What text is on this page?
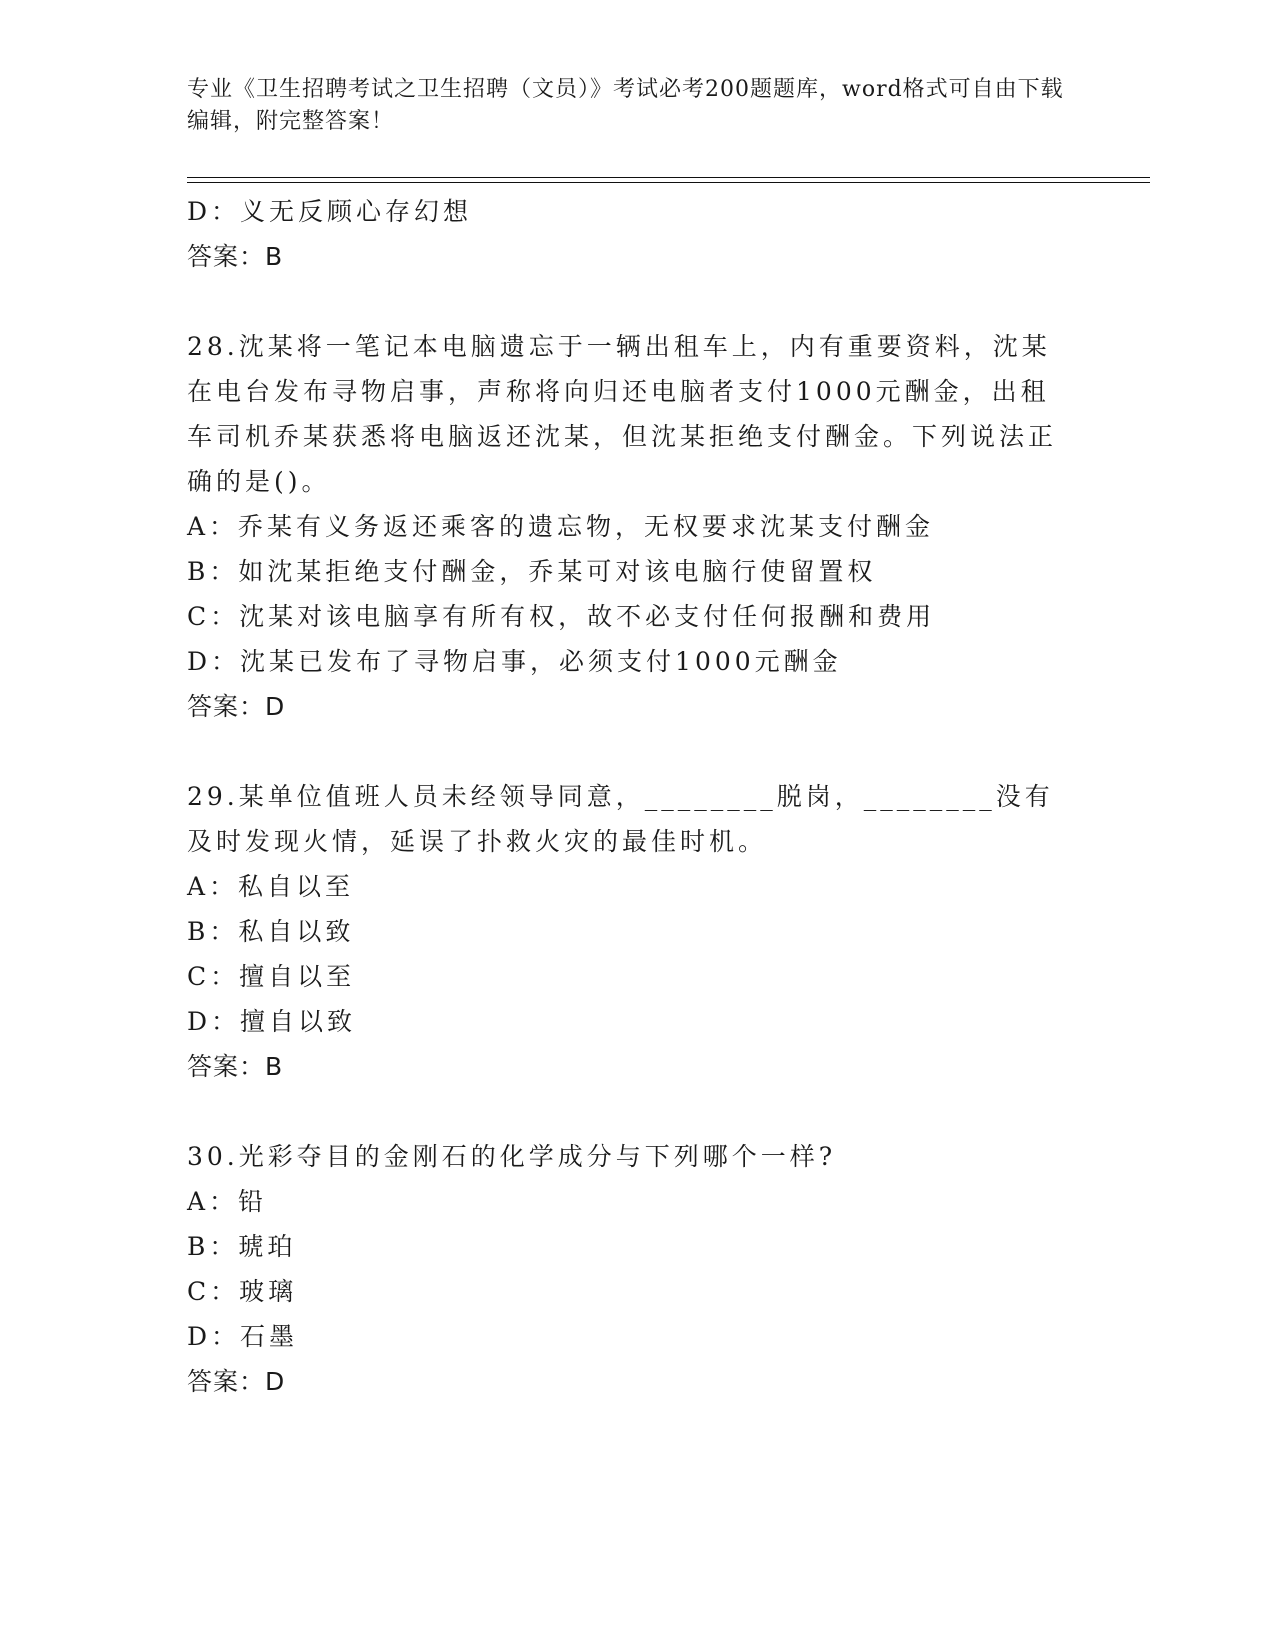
专业《卫生招聘考试之卫生招聘（文员）》考试必考200题题库，word格式可自由下载编辑，附完整答案！
D：义无反顾心存幻想
答案：B
28.沈某将一笔记本电脑遗忘于一辆出租车上，内有重要资料，沈某在电台发布寻物启事，声称将向归还电脑者支付1000元酬金，出租车司机乔某获悉将电脑返还沈某，但沈某拒绝支付酬金。下列说法正确的是()。
A：乔某有义务返还乘客的遗忘物，无权要求沈某支付酬金
B：如沈某拒绝支付酬金，乔某可对该电脑行使留置权
C：沈某对该电脑享有所有权，故不必支付任何报酬和费用
D：沈某已发布了寻物启事，必须支付1000元酬金
答案：D
29.某单位值班人员未经领导同意，________脱岗，________没有及时发现火情，延误了扑救火灾的最佳时机。
A：私自以至
B：私自以致
C：擅自以至
D：擅自以致
答案：B
30.光彩夺目的金刚石的化学成分与下列哪个一样?
A：铅
B：琥珀
C：玻璃
D：石墨
答案：D
